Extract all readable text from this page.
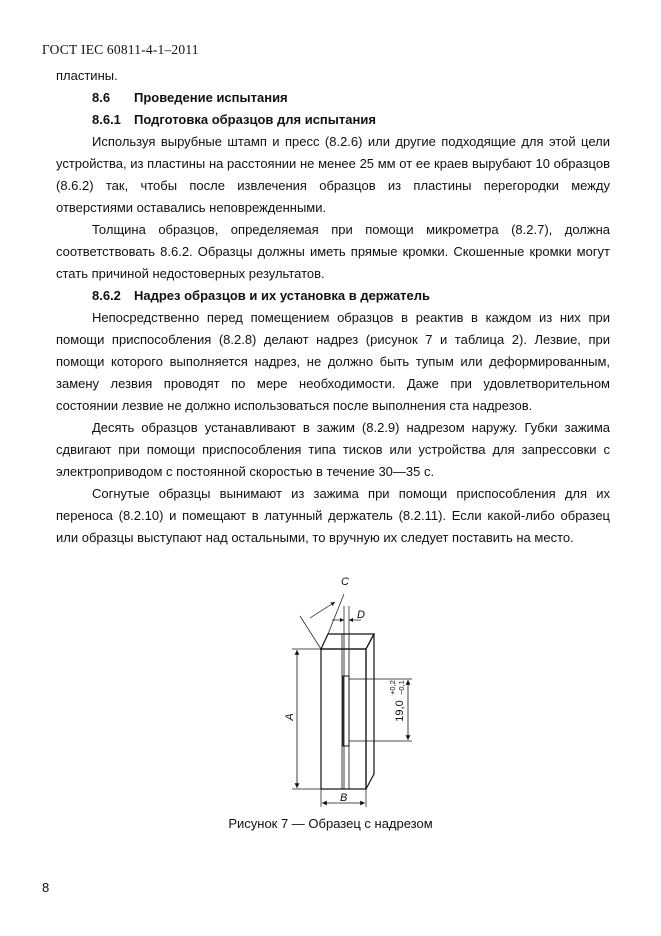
ГОСТ IEC 60811-4-1–2011

пластины.

8.6 Проведение испытания

8.6.1 Подготовка образцов для испытания

Используя вырубные штамп и пресс (8.2.6) или другие подходящие для этой цели

устройства, из пластины на расстоянии не менее 25 мм от ее краев вырубают 10 образцов

(8.6.2) так, чтобы после извлечения образцов из пластины перегородки между

отверстиями оставались неповрежденными.

Толщина образцов, определяемая при помощи микрометра (8.2.7), должна

соответствовать 8.6.2. Образцы должны иметь прямые кромки. Скошенные кромки могут

стать причиной недостоверных результатов.

8.6.2 Надрез образцов и их установка в держатель

Непосредственно перед помещением образцов в реактив в каждом из них при

помощи приспособления (8.2.8) делают надрез (рисунок 7 и таблица 2). Лезвие, при

помощи которого выполняется надрез, не должно быть тупым или деформированным,

замену лезвия проводят по мере необходимости. Даже при удовлетворительном

состоянии лезвие не должно использоваться после выполнения ста надрезов.

Десять образцов устанавливают в зажим (8.2.9) надрезом наружу. Губки зажима

сдвигают при помощи приспособления типа тисков или устройства для запрессовки с

электроприводом с постоянной скоростью в течение 30—35 с.

Согнутые образцы вынимают из зажима при помощи приспособления для их

переноса (8.2.10) и помещают в латунный держатель (8.2.11). Если какой-либо образец

или образцы выступают над остальными, то вручную их следует поставить на место.

C
D
A
B
19,0
+0,2 −0,1
Рисунок 7 — Образец с надрезом
8
